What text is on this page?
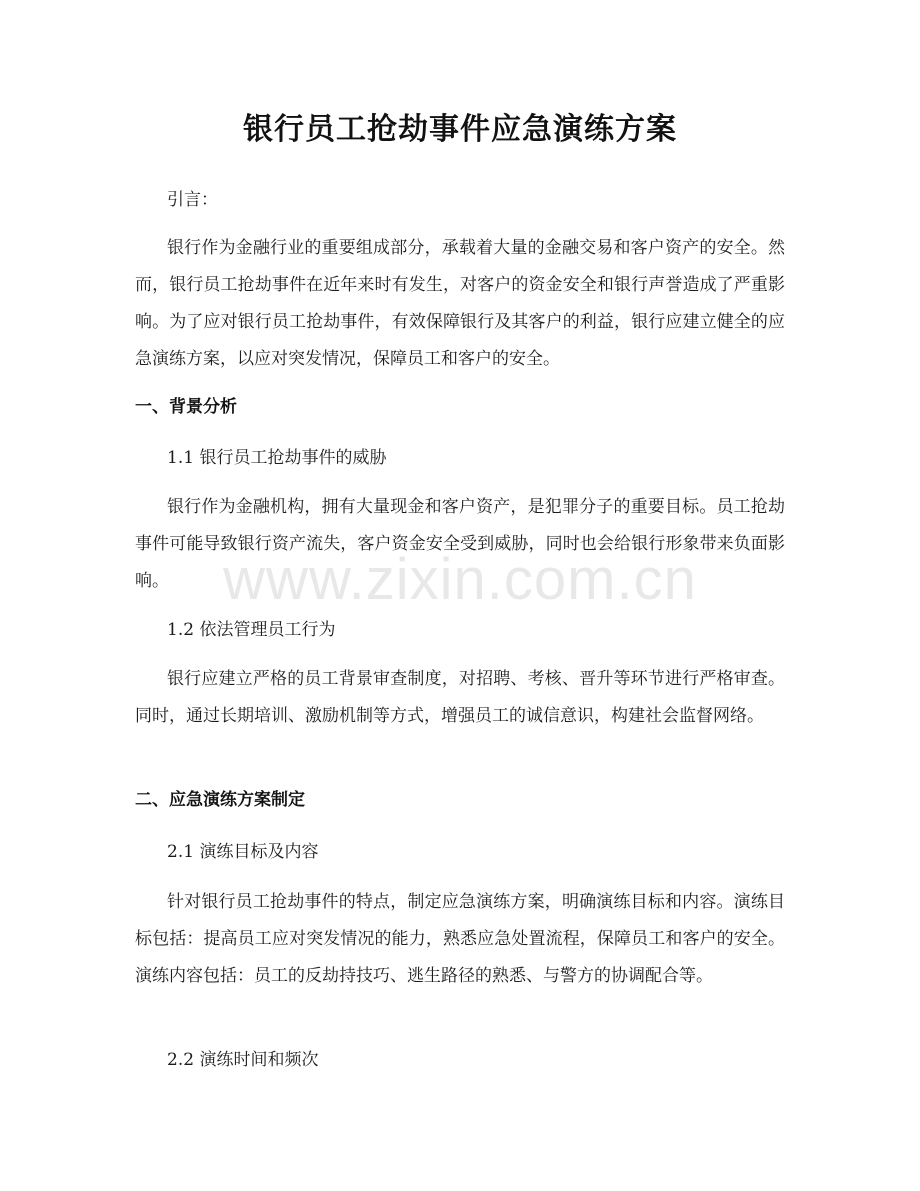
银行员工抢劫事件应急演练方案
引言：
银行作为金融行业的重要组成部分，承载着大量的金融交易和客户资产的安全。然而，银行员工抢劫事件在近年来时有发生，对客户的资金安全和银行声誉造成了严重影响。为了应对银行员工抢劫事件，有效保障银行及其客户的利益，银行应建立健全的应急演练方案，以应对突发情况，保障员工和客户的安全。
一、背景分析
1.1 银行员工抢劫事件的威胁
银行作为金融机构，拥有大量现金和客户资产，是犯罪分子的重要目标。员工抢劫事件可能导致银行资产流失，客户资金安全受到威胁，同时也会给银行形象带来负面影响。
1.2 依法管理员工行为
银行应建立严格的员工背景审查制度，对招聘、考核、晋升等环节进行严格审查。同时，通过长期培训、激励机制等方式，增强员工的诚信意识，构建社会监督网络。
二、应急演练方案制定
2.1 演练目标及内容
针对银行员工抢劫事件的特点，制定应急演练方案，明确演练目标和内容。演练目标包括：提高员工应对突发情况的能力，熟悉应急处置流程，保障员工和客户的安全。演练内容包括：员工的反劫持技巧、逃生路径的熟悉、与警方的协调配合等。
2.2 演练时间和频次
www.zixin.com.cn
